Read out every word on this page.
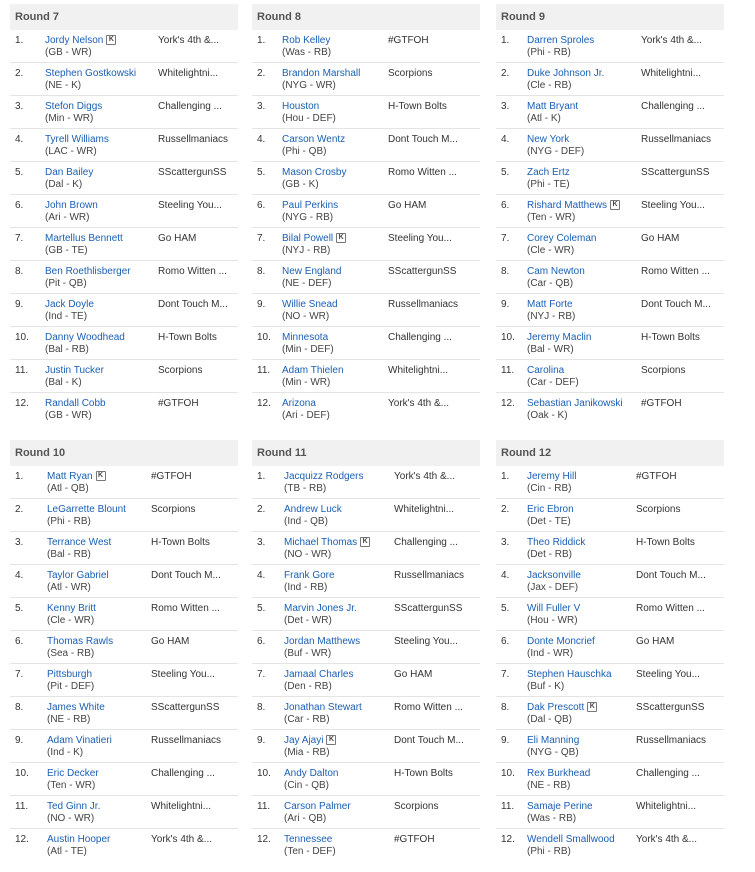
Round 7
1. Jordy Nelson K
(GB - WR)
York's 4th &...
2. Stephen Gostkowski
(NE - K)
Whitelightni...
3. Stefon Diggs
(Min - WR)
Challenging ...
4. Tyrell Williams
(LAC - WR)
Russellmaniacs
5. Dan Bailey
(Dal - K)
SScattergunSS
6. John Brown
(Ari - WR)
Steeling You...
7. Martellus Bennett
(GB - TE)
Go HAM
8. Ben Roethlisberger
(Pit - QB)
Romo Witten ...
9. Jack Doyle
(Ind - TE)
Dont Touch M...
10. Danny Woodhead
(Bal - RB)
H-Town Bolts
11. Justin Tucker
(Bal - K)
Scorpions
12. Randall Cobb
(GB - WR)
#GTFOH
Round 8
1. Rob Kelley
(Was - RB)
#GTFOH
2. Brandon Marshall
(NYG - WR)
Scorpions
3. Houston
(Hou - DEF)
H-Town Bolts
4. Carson Wentz
(Phi - QB)
Dont Touch M...
5. Mason Crosby
(GB - K)
Romo Witten ...
6. Paul Perkins
(NYG - RB)
Go HAM
7. Bilal Powell K
(NYJ - RB)
Steeling You...
8. New England
(NE - DEF)
SScattergunSS
9. Willie Snead
(NO - WR)
Russellmaniacs
10. Minnesota
(Min - DEF)
Challenging ...
11. Adam Thielen
(Min - WR)
Whitelightni...
12. Arizona
(Ari - DEF)
York's 4th &...
Round 9
1. Darren Sproles
(Phi - RB)
York's 4th &...
2. Duke Johnson Jr.
(Cle - RB)
Whitelightni...
3. Matt Bryant
(Atl - K)
Challenging ...
4. New York
(NYG - DEF)
Russellmaniacs
5. Zach Ertz
(Phi - TE)
SScattergunSS
6. Rishard Matthews K
(Ten - WR)
Steeling You...
7. Corey Coleman
(Cle - WR)
Go HAM
8. Cam Newton
(Car - QB)
Romo Witten ...
9. Matt Forte
(NYJ - RB)
Dont Touch M...
10. Jeremy Maclin
(Bal - WR)
H-Town Bolts
11. Carolina
(Car - DEF)
Scorpions
12. Sebastian Janikowski
(Oak - K)
#GTFOH
Round 10
1. Matt Ryan K
(Atl - QB)
#GTFOH
2. LeGarrette Blount
(Phi - RB)
Scorpions
3. Terrance West
(Bal - RB)
H-Town Bolts
4. Taylor Gabriel
(Atl - WR)
Dont Touch M...
5. Kenny Britt
(Cle - WR)
Romo Witten ...
6. Thomas Rawls
(Sea - RB)
Go HAM
7. Pittsburgh
(Pit - DEF)
Steeling You...
8. James White
(NE - RB)
SScattergunSS
9. Adam Vinatieri
(Ind - K)
Russellmaniacs
10. Eric Decker
(Ten - WR)
Challenging ...
11. Ted Ginn Jr.
(NO - WR)
Whitelightni...
12. Austin Hooper
(Atl - TE)
York's 4th &...
Round 11
1. Jacquizz Rodgers
(TB - RB)
York's 4th &...
2. Andrew Luck
(Ind - QB)
Whitelightni...
3. Michael Thomas K
(NO - WR)
Challenging ...
4. Frank Gore
(Ind - RB)
Russellmaniacs
5. Marvin Jones Jr.
(Det - WR)
SScattergunSS
6. Jordan Matthews
(Buf - WR)
Steeling You...
7. Jamaal Charles
(Den - RB)
Go HAM
8. Jonathan Stewart
(Car - RB)
Romo Witten ...
9. Jay Ajayi K
(Mia - RB)
Dont Touch M...
10. Andy Dalton
(Cin - QB)
H-Town Bolts
11. Carson Palmer
(Ari - QB)
Scorpions
12. Tennessee
(Ten - DEF)
#GTFOH
Round 12
1. Jeremy Hill
(Cin - RB)
#GTFOH
2. Eric Ebron
(Det - TE)
Scorpions
3. Theo Riddick
(Det - RB)
H-Town Bolts
4. Jacksonville
(Jax - DEF)
Dont Touch M...
5. Will Fuller V
(Hou - WR)
Romo Witten ...
6. Donte Moncrief
(Ind - WR)
Go HAM
7. Stephen Hauschka
(Buf - K)
Steeling You...
8. Dak Prescott K
(Dal - QB)
SScattergunSS
9. Eli Manning
(NYG - QB)
Russellmaniacs
10. Rex Burkhead
(NE - RB)
Challenging ...
11. Samaje Perine
(Was - RB)
Whitelightni...
12. Wendell Smallwood
(Phi - RB)
York's 4th &...
